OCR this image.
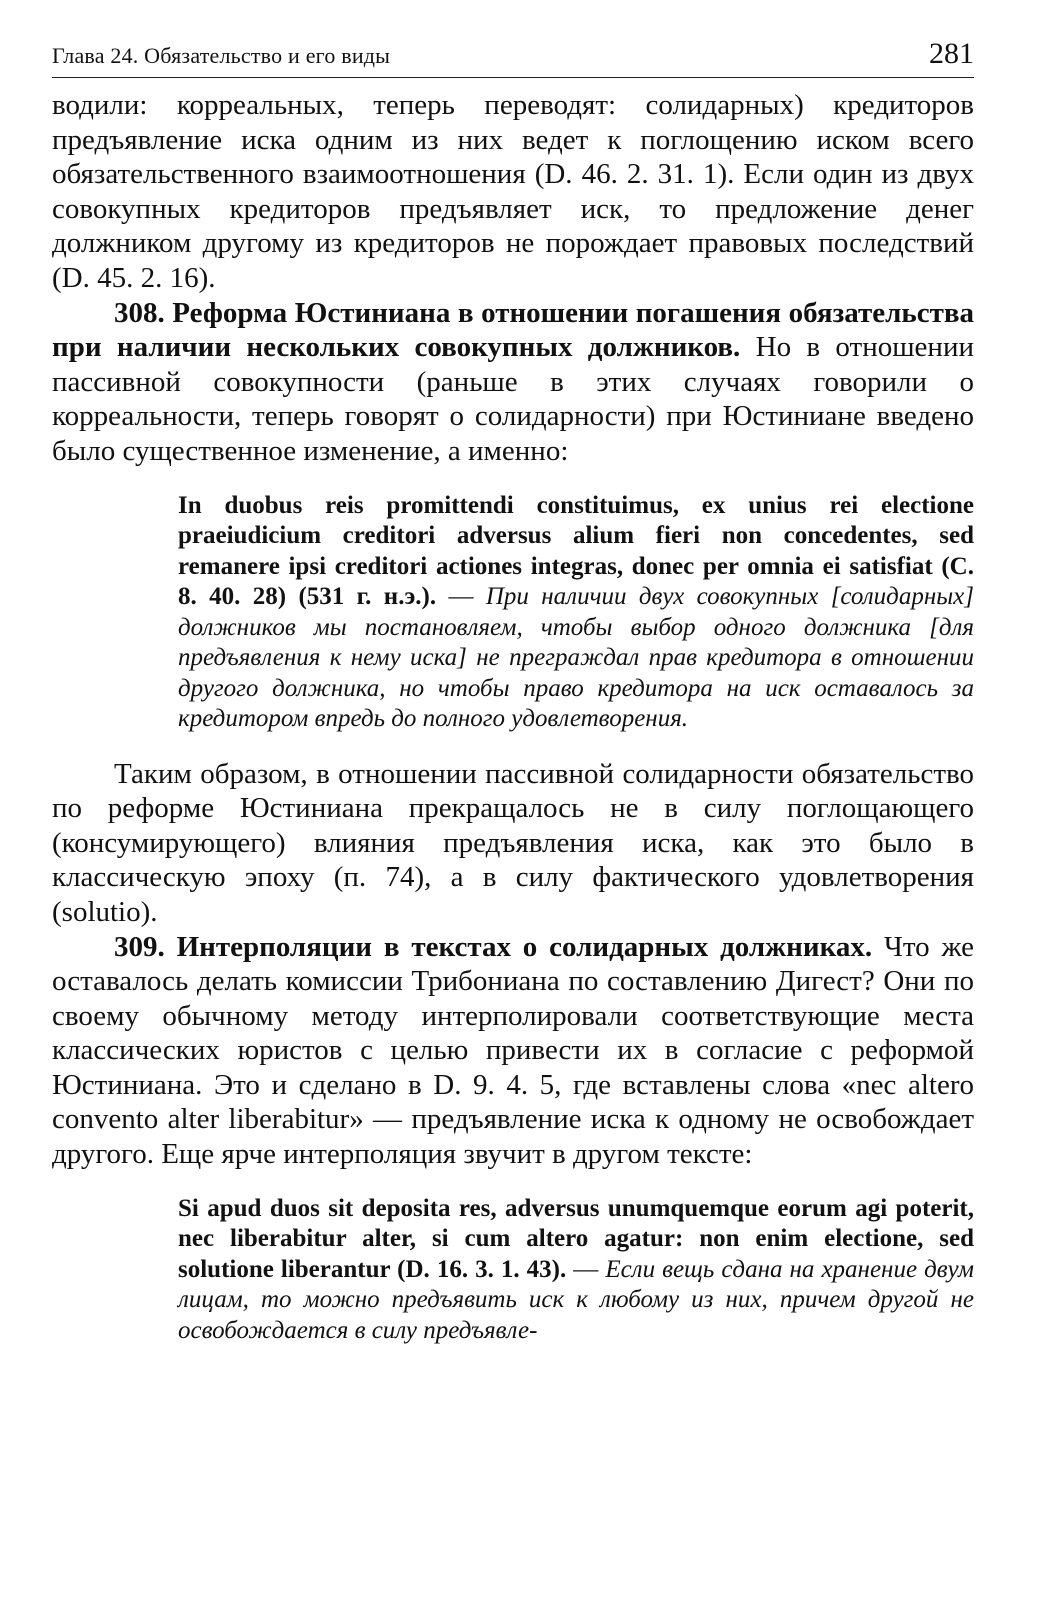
Глава 24. Обязательство и его виды	281

водили: корреальных, теперь переводят: солидарных) кредиторов предъявление иска одним из них ведет к поглощению иском всего обязательственного взаимоотношения (D. 46. 2. 31. 1). Если один из двух совокупных кредиторов предъявляет иск, то предложение денег должником другому из кредиторов не порождает правовых последствий (D. 45. 2. 16).

308. Реформа Юстиниана в отношении погашения обязательства при наличии нескольких совокупных должников. Но в отношении пассивной совокупности (раньше в этих случаях говорили о корреальности, теперь говорят о солидарности) при Юстиниане введено было существенное изменение, а именно:

In duobus reis promittendi constituimus, ex unius rei electione praeiudicium creditori adversus alium fieri non concedentes, sed remanere ipsi creditori actiones integras, donec per omnia ei satisfiat (C. 8. 40. 28) (531 г. н.э.). — При наличии двух совокупных [солидарных] должников мы постановляем, чтобы выбор одного должника [для предъявления к нему иска] не преграждал прав кредитора в отношении другого должника, но чтобы право кредитора на иск оставалось за кредитором впредь до полного удовлетворения.

Таким образом, в отношении пассивной солидарности обязательство по реформе Юстиниана прекращалось не в силу поглощающего (консумирующего) влияния предъявления иска, как это было в классическую эпоху (п. 74), а в силу фактического удовлетворения (solutio).

309. Интерполяции в текстах о солидарных должниках. Что же оставалось делать комиссии Трибониана по составлению Дигест? Они по своему обычному методу интерполировали соответствующие места классических юристов с целью привести их в согласие с реформой Юстиниана. Это и сделано в D. 9. 4. 5, где вставлены слова «nec altero convento alter liberabitur» — предъявление иска к одному не освобождает другого. Еще ярче интерполяция звучит в другом тексте:

Si apud duos sit deposita res, adversus unumquemque eorum agi poterit, nec liberabitur alter, si cum altero agatur: non enim electione, sed solutione liberantur (D. 16. 3. 1. 43). — Если вещь сдана на хранение двум лицам, то можно предъявить иск к любому из них, причем другой не освобождается в силу предъявле-
